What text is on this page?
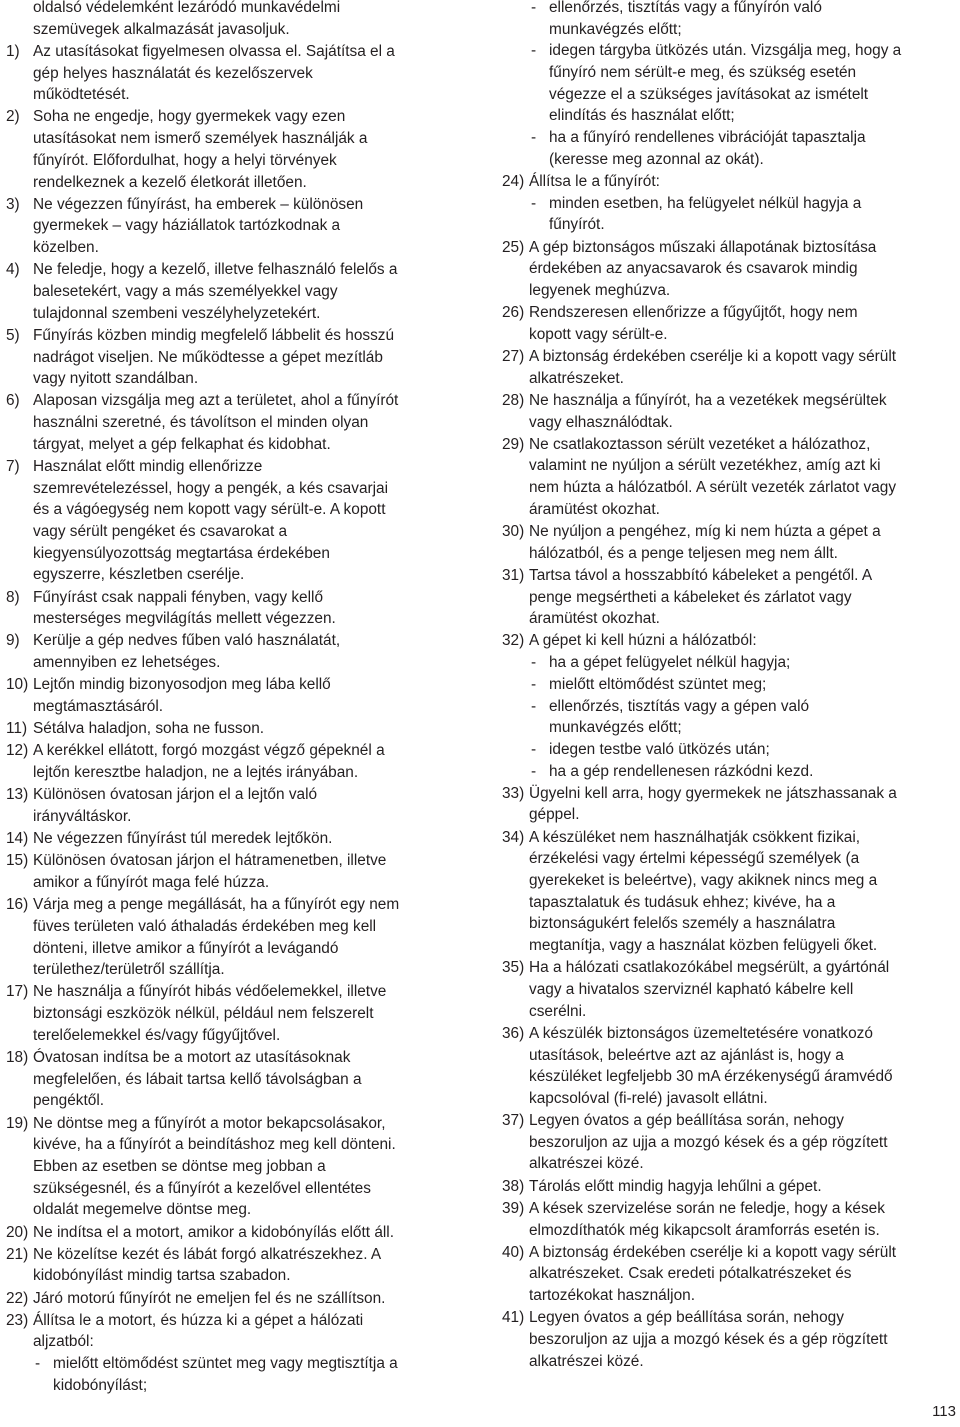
oldalsó védelemként lezáródó munkavédelmi
szemüvegek alkalmazását javasoljuk.
1) Az utasításokat figyelmesen olvassa el. Sajátítsa el a
gép helyes használatát és kezelőszervek
működtetését.
2) Soha ne engedje, hogy gyermekek vagy ezen
utasításokat nem ismerő személyek használják a
fűnyírót. Előfordulhat, hogy a helyi törvények
rendelkeznek a kezelő életkorát illetően.
3) Ne végezzen fűnyírást, ha emberek – különösen
gyermekek – vagy háziállatok tartózkodnak a
közelben.
4) Ne feledje, hogy a kezelő, illetve felhasználó felelős a
balesetekért, vagy a más személyekkel vagy
tulajdonnal szembeni veszélyhelyzetekért.
5) Fűnyírás közben mindig megfelelő lábbelit és hosszú
nadrágot viseljen. Ne működtesse a gépet mezítláb
vagy nyitott szandálban.
6) Alaposan vizsgálja meg azt a területet, ahol a fűnyírót
használni szeretné, és távolítson el minden olyan
tárgyat, melyet a gép felkaphat és kidobhat.
7) Használat előtt mindig ellenőrizze
szemrevételezéssel, hogy a pengék, a kés csavarjai
és a vágóegység nem kopott vagy sérült-e. A kopott
vagy sérült pengéket és csavarokat a
kiegyensúlyozottság megtartása érdekében
egyszerre, készletben cserélje.
8) Fűnyírást csak nappali fényben, vagy kellő
mesterséges megvilágítás mellett végezzen.
9) Kerülje a gép nedves fűben való használatát,
amennyiben ez lehetséges.
10) Lejtőn mindig bizonyosodjon meg lába kellő
megtámasztásáról.
11) Sétálva haladjon, soha ne fusson.
12) A kerékkel ellátott, forgó mozgást végző gépeknél a
lejtőn keresztbe haladjon, ne a lejtés irányában.
13) Különösen óvatosan járjon el a lejtőn való
irányváltáskor.
14) Ne végezzen fűnyírást túl meredek lejtőkön.
15) Különösen óvatosan járjon el hátramenetben, illetve
amikor a fűnyírót maga felé húzza.
16) Várja meg a penge megállását, ha a fűnyírót egy nem
füves területen való áthaladás érdekében meg kell
dönteni, illetve amikor a fűnyírót a levágandó
területhez/területről szállítja.
17) Ne használja a fűnyírót hibás védőelemekkel, illetve
biztonsági eszközök nélkül, például nem felszerelt
terelőelemekkel és/vagy fűgyűjtővel.
18) Óvatosan indítsa be a motort az utasításoknak
megfelelően, és lábait tartsa kellő távolságban a
pengéktől.
19) Ne döntse meg a fűnyírót a motor bekapcsolásakor,
kivéve, ha a fűnyírót a beindításhoz meg kell dönteni.
Ebben az esetben se döntse meg jobban a
szükségesnél, és a fűnyírót a kezelővel ellentétes
oldalát megemelve döntse meg.
20) Ne indítsa el a motort, amikor a kidobónyílás előtt áll.
21) Ne közelítse kezét és lábát forgó alkatrészekhez. A
kidobónyílást mindig tartsa szabadon.
22) Járó motorú fűnyírót ne emeljen fel és ne szállítson.
23) Állítsa le a motort, és húzza ki a gépet a hálózati
aljzatból:
- mielőtt eltömődést szüntet meg vagy megtisztítja a
kidobónyílást;
- ellenőrzés, tisztítás vagy a fűnyírón való
munkavégzés előtt;
- idegen tárgyba ütközés után. Vizsgálja meg, hogy a
fűnyíró nem sérült-e meg, és szükség esetén
végezze el a szükséges javításokat az ismételt
elindítás és használat előtt;
- ha a fűnyíró rendellenes vibrációját tapasztalja
(keresse meg azonnal az okát).
24) Állítsa le a fűnyírót:
- minden esetben, ha felügyelet nélkül hagyja a
fűnyírót.
25) A gép biztonságos műszaki állapotának biztosítása
érdekében az anyacsavarok és csavarok mindig
legyenek meghúzva.
26) Rendszeresen ellenőrizze a fűgyűjtőt, hogy nem
kopott vagy sérült-e.
27) A biztonság érdekében cserélje ki a kopott vagy sérült
alkatrészeket.
28) Ne használja a fűnyírót, ha a vezetékek megsérültek
vagy elhasználódtak.
29) Ne csatlakoztasson sérült vezetéket a hálózathoz,
valamint ne nyúljon a sérült vezetékhez, amíg azt ki
nem húzta a hálózatból. A sérült vezeték zárlatot vagy
áramütést okozhat.
30) Ne nyúljon a pengéhez, míg ki nem húzta a gépet a
hálózatból, és a penge teljesen meg nem állt.
31) Tartsa távol a hosszabbító kábeleket a pengétől. A
penge megsértheti a kábeleket és zárlatot vagy
áramütést okozhat.
32) A gépet ki kell húzni a hálózatból:
- ha a gépet felügyelet nélkül hagyja;
- mielőtt eltömődést szüntet meg;
- ellenőrzés, tisztítás vagy a gépen való
munkavégzés előtt;
- idegen testbe való ütközés után;
- ha a gép rendellenesen rázkódni kezd.
33) Ügyelni kell arra, hogy gyermekek ne játszhassanak a
géppel.
34) A készüléket nem használhatják csökkent fizikai,
érzékelési vagy értelmi képességű személyek (a
gyerekeket is beleértve), vagy akiknek nincs meg a
tapasztalatuk és tudásuk ehhez; kivéve, ha a
biztonságukért felelős személy a használatra
megtanítja, vagy a használat közben felügyeli őket.
35) Ha a hálózati csatlakozókábel megsérült, a gyártónál
vagy a hivatalos szerviznél kapható kábelre kell
cserélni.
36) A készülék biztonságos üzemeltetésére vonatkozó
utasítások, beleértve azt az ajánlást is, hogy a
készüléket legfeljebb 30 mA érzékenységű áramvédő
kapcsolóval (fi-relé) javasolt ellátni.
37) Legyen óvatos a gép beállítása során, nehogy
beszoruljon az ujja a mozgó kések és a gép rögzített
alkatrészei közé.
38) Tárolás előtt mindig hagyja lehűlni a gépet.
39) A kések szervizelése során ne feledje, hogy a kések
elmozdíthatók még kikapcsolt áramforrás esetén is.
40) A biztonság érdekében cserélje ki a kopott vagy sérült
alkatrészeket. Csak eredeti pótalkatrészeket és
tartozékokat használjon.
41) Legyen óvatos a gép beállítása során, nehogy
beszoruljon az ujja a mozgó kések és a gép rögzített
alkatrészei közé.
113
